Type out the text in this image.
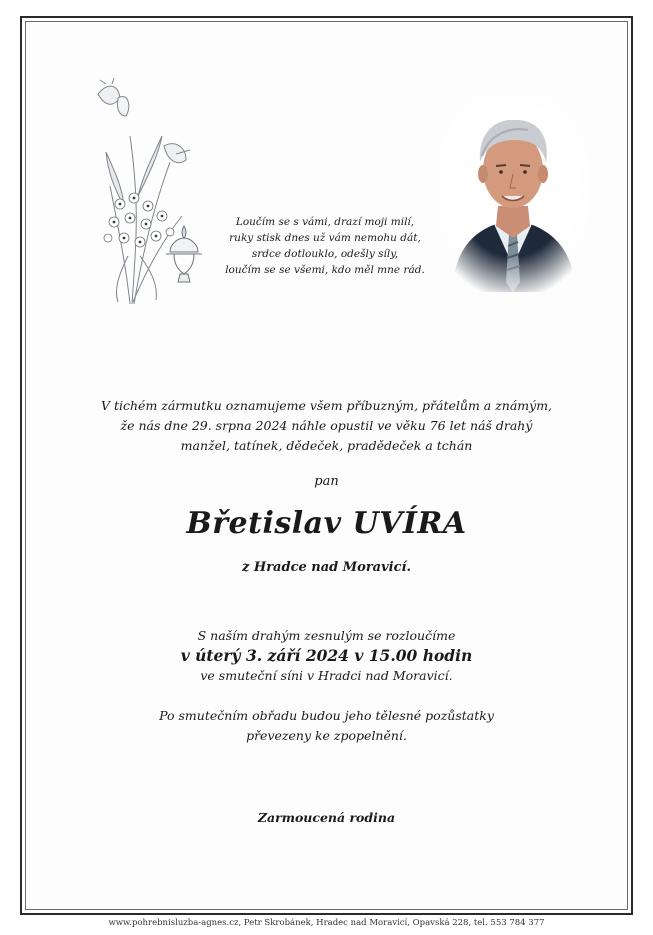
Loučím se s vámi, drazí moji milí,
ruky stisk dnes už vám nemohu dát,
srdce dotlouklo, odešly síly,
loučím se se všemi, kdo měl mne rád.
V tichém zármutku oznamujeme všem příbuzným, přátelům a známým,
že nás dne 29. srpna 2024 náhle opustil ve věku 76 let náš drahý
manžel, tatínek, dědeček, pradědeček a tchán
pan
Břetislav UVÍRA
z Hradce nad Moravicí.
S naším drahým zesnulým se rozloučíme
v úterý 3. září 2024 v 15.00 hodin
ve smuteční síni v Hradci nad Moravicí.
Po smutečním obřadu budou jeho tělesné pozůstatky
převezeny ke zpopelnění.
Zarmoucená rodina
www.pohrebnisluzba-agnes.cz, Petr Škrobánek, Hradec nad Moravicí, Opavská 228, tel. 553 784 377
